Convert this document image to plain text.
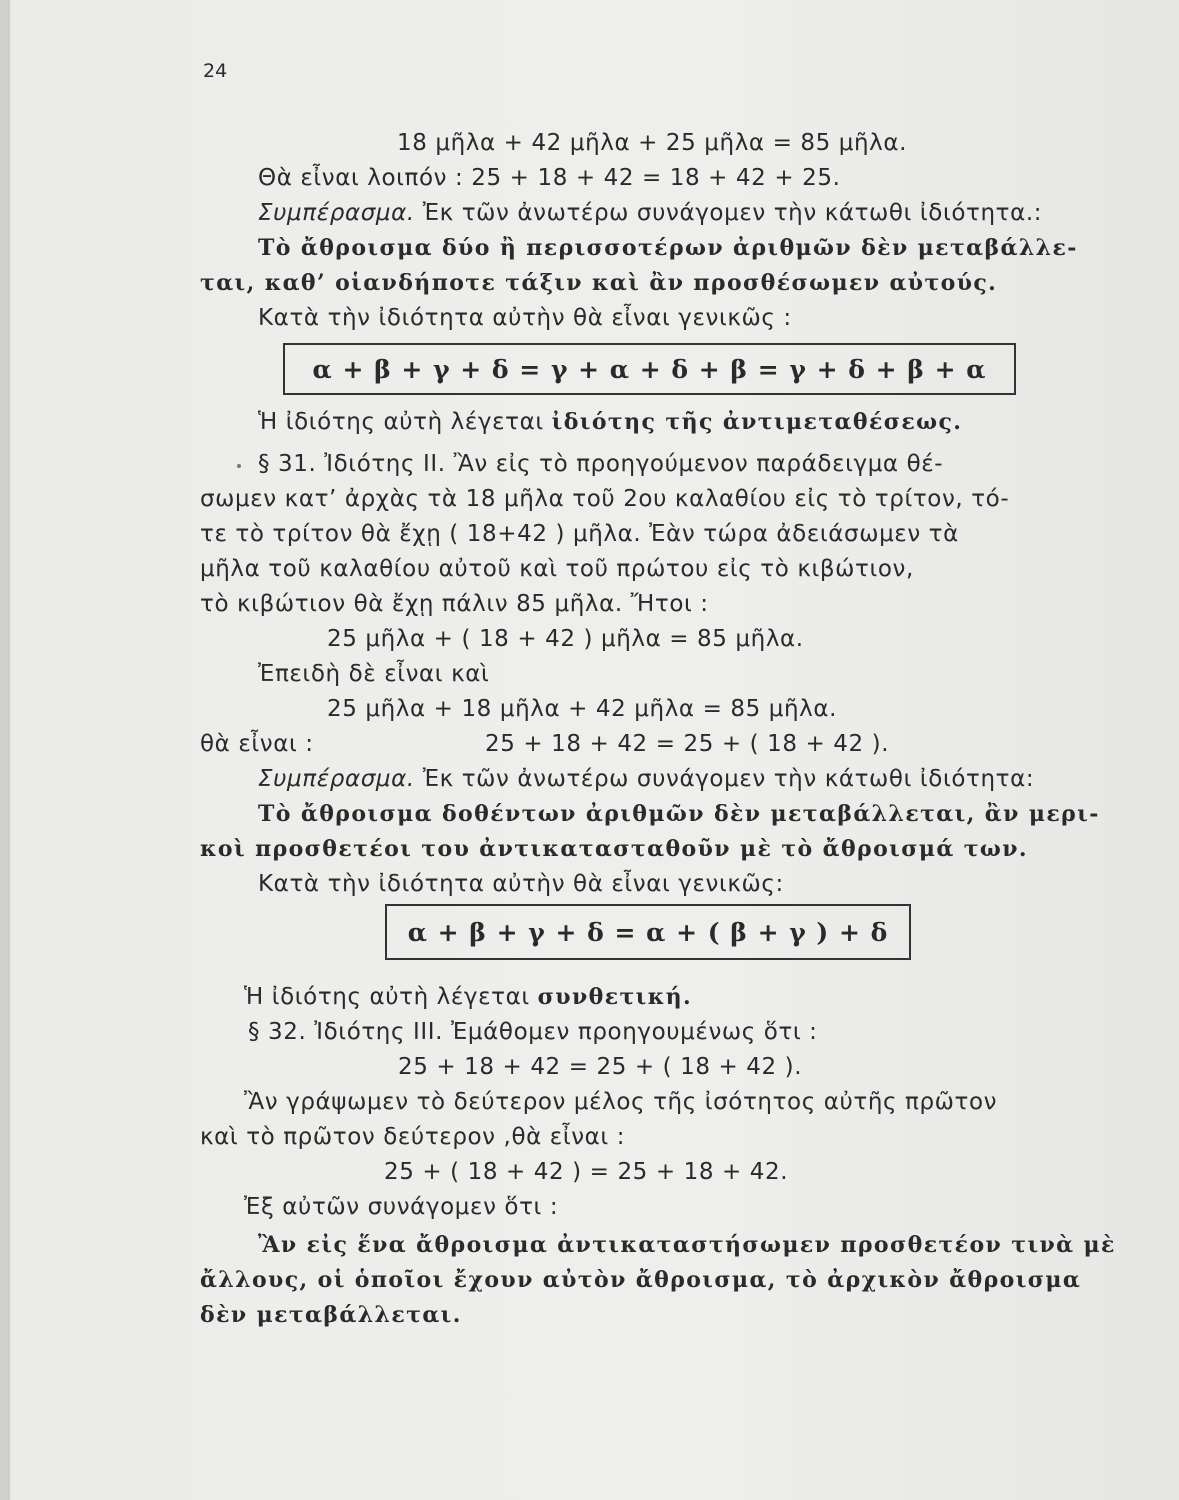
24
18 μῆλα + 42 μῆλα + 25 μῆλα = 85 μῆλα.
Θὰ εἶναι λοιπόν : 25 + 18 + 42 = 18 + 42 + 25.
Συμπέρασμα. Ἐκ τῶν ἀνωτέρω συνάγομεν τὴν κάτωθι ἰδιότητα.:
Τὸ ἄθροισμα δύο ἢ περισσοτέρων ἀριθμῶν δὲν μεταβάλλε-
ται, καθ’ οἱανδήποτε τάξιν καὶ ἂν προσθέσωμεν αὐτούς.
Κατὰ τὴν ἰδιότητα αὐτὴν θὰ εἶναι γενικῶς :
α + β + γ + δ = γ + α + δ + β = γ + δ + β + α
Ἡ ἰδιότης αὐτὴ λέγεται ἰδιότης τῆς ἀντιμεταθέσεως.
§ 31. Ἰδιότης ΙΙ. Ἂν εἰς τὸ προηγούμενον παράδειγμα θέ-
σωμεν κατ’ ἀρχὰς τὰ 18 μῆλα τοῦ 2ου καλαθίου εἰς τὸ τρίτον, τό-
τε τὸ τρίτον θὰ ἔχῃ ( 18+42 ) μῆλα. Ἐὰν τώρα ἀδειάσωμεν τὰ
μῆλα τοῦ καλαθίου αὐτοῦ καὶ τοῦ πρώτου εἰς τὸ κιβώτιον,
τὸ κιβώτιον θὰ ἔχῃ πάλιν 85 μῆλα. Ἤτοι :
25 μῆλα + ( 18 + 42 ) μῆλα = 85 μῆλα.
Ἐπειδὴ δὲ εἶναι καὶ
25 μῆλα + 18 μῆλα + 42 μῆλα = 85 μῆλα.
θὰ εἶναι :	25 + 18 + 42 = 25 + ( 18 + 42 ).
Συμπέρασμα. Ἐκ τῶν ἀνωτέρω συνάγομεν τὴν κάτωθι ἰδιότητα:
Τὸ ἄθροισμα δοθέντων ἀριθμῶν δὲν μεταβάλλεται, ἂν μερι-
κοὶ προσθετέοι του ἀντικατασταθοῦν μὲ τὸ ἄθροισμά των.
Κατὰ τὴν ἰδιότητα αὐτὴν θὰ εἶναι γενικῶς:
α + β + γ + δ = α + ( β + γ ) + δ
Ἡ ἰδιότης αὐτὴ λέγεται συνθετική.
§ 32. Ἰδιότης ΙΙΙ. Ἐμάθομεν προηγουμένως ὅτι :
25 + 18 + 42 = 25 + ( 18 + 42 ).
Ἂν γράψωμεν τὸ δεύτερον μέλος τῆς ἰσότητος αὐτῆς πρῶτον
καὶ τὸ πρῶτον δεύτερον ,θὰ εἶναι :
25 + ( 18 + 42 ) = 25 + 18 + 42.
Ἐξ αὐτῶν συνάγομεν ὅτι :
Ἂν εἰς ἕνα ἄθροισμα ἀντικαταστήσωμεν προσθετέον τινὰ μὲ
ἄλλους, οἱ ὁποῖοι ἔχουν αὐτὸν ἄθροισμα, τὸ ἀρχικὸν ἄθροισμα
δὲν μεταβάλλεται.
